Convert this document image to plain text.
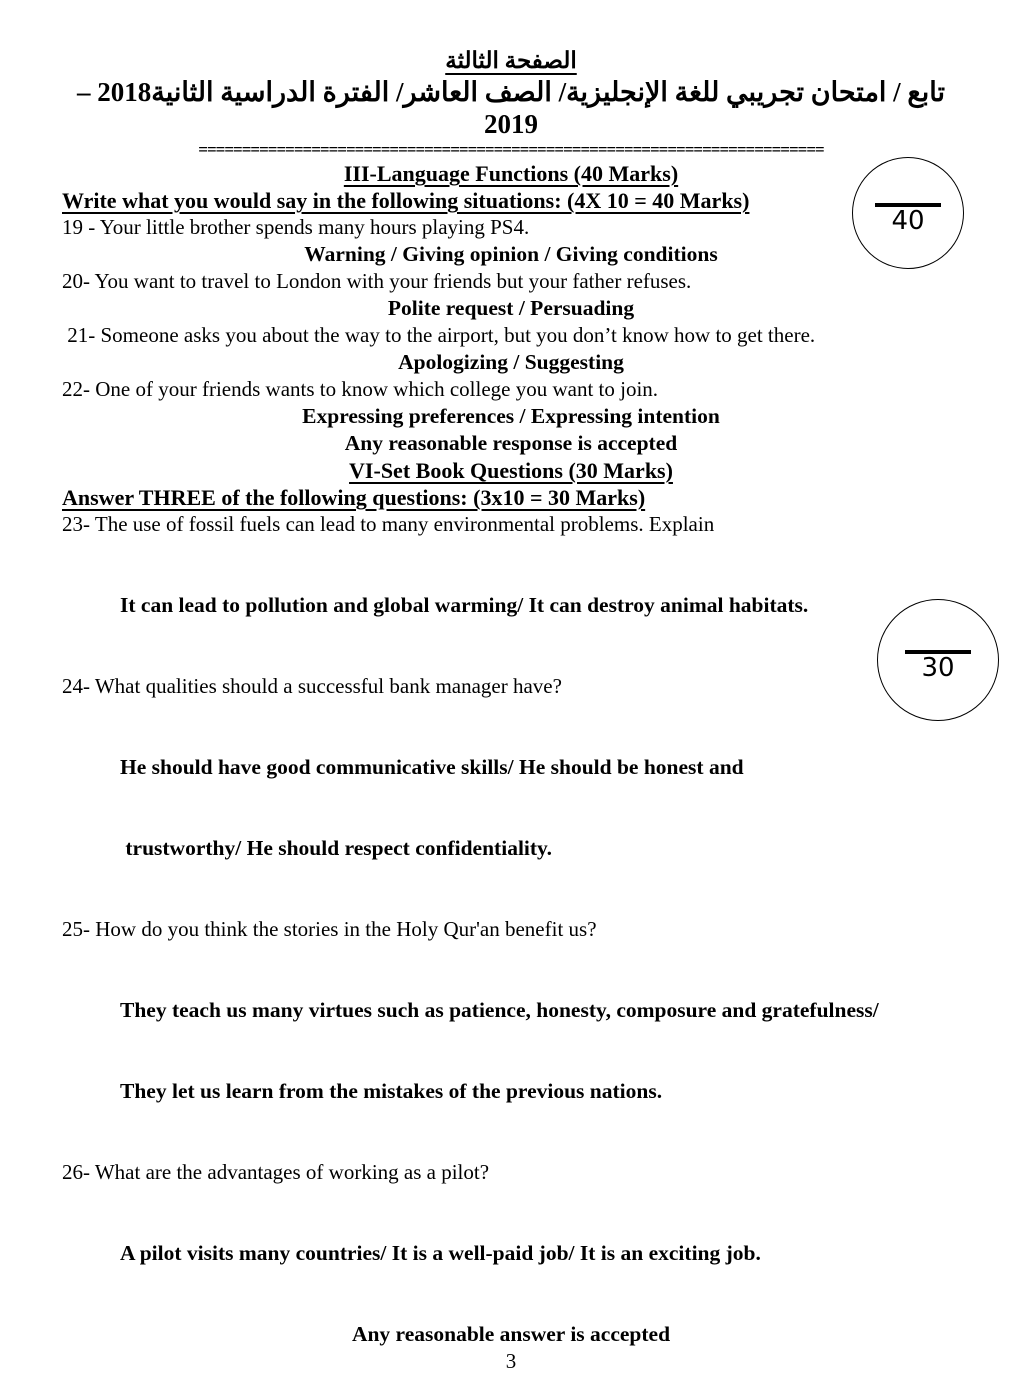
الصفحة الثالثة
تابع / امتحان تجريبي للغة الإنجليزية/ الصف العاشر/ الفترة الدراسية الثانية2018 – 2019
========================================================================
III-Language Functions (40 Marks)
Write what you would say in the following situations: (4X 10 = 40 Marks)

19 - Your little brother spends many hours playing PS4.

Warning / Giving opinion / Giving conditions

20- You want to travel to London with your friends but your father refuses.

Polite request / Persuading

21- Someone asks you about the way to the airport, but you don’t know how to get there.

Apologizing / Suggesting

22- One of your friends wants to know which college you want to join.

Expressing preferences / Expressing intention

Any reasonable response is accepted

VI-Set Book Questions (30 Marks)
Answer THREE of the following questions: (3x10 = 30 Marks)

23- The use of fossil fuels can lead to many environmental problems. Explain

It can lead to pollution and global warming/ It can destroy animal habitats.

24- What qualities should a successful bank manager have?

He should have good communicative skills/ He should be honest and

trustworthy/ He should respect confidentiality.

25- How do you think the stories in the Holy Qur'an benefit us?

They teach us many virtues such as patience, honesty, composure and gratefulness/

They let us learn from the mistakes of the previous nations.

26- What are the advantages of working as a pilot?

A pilot visits many countries/ It is a well-paid job/ It is an exciting job.

Any reasonable answer is accepted

3
40
30
